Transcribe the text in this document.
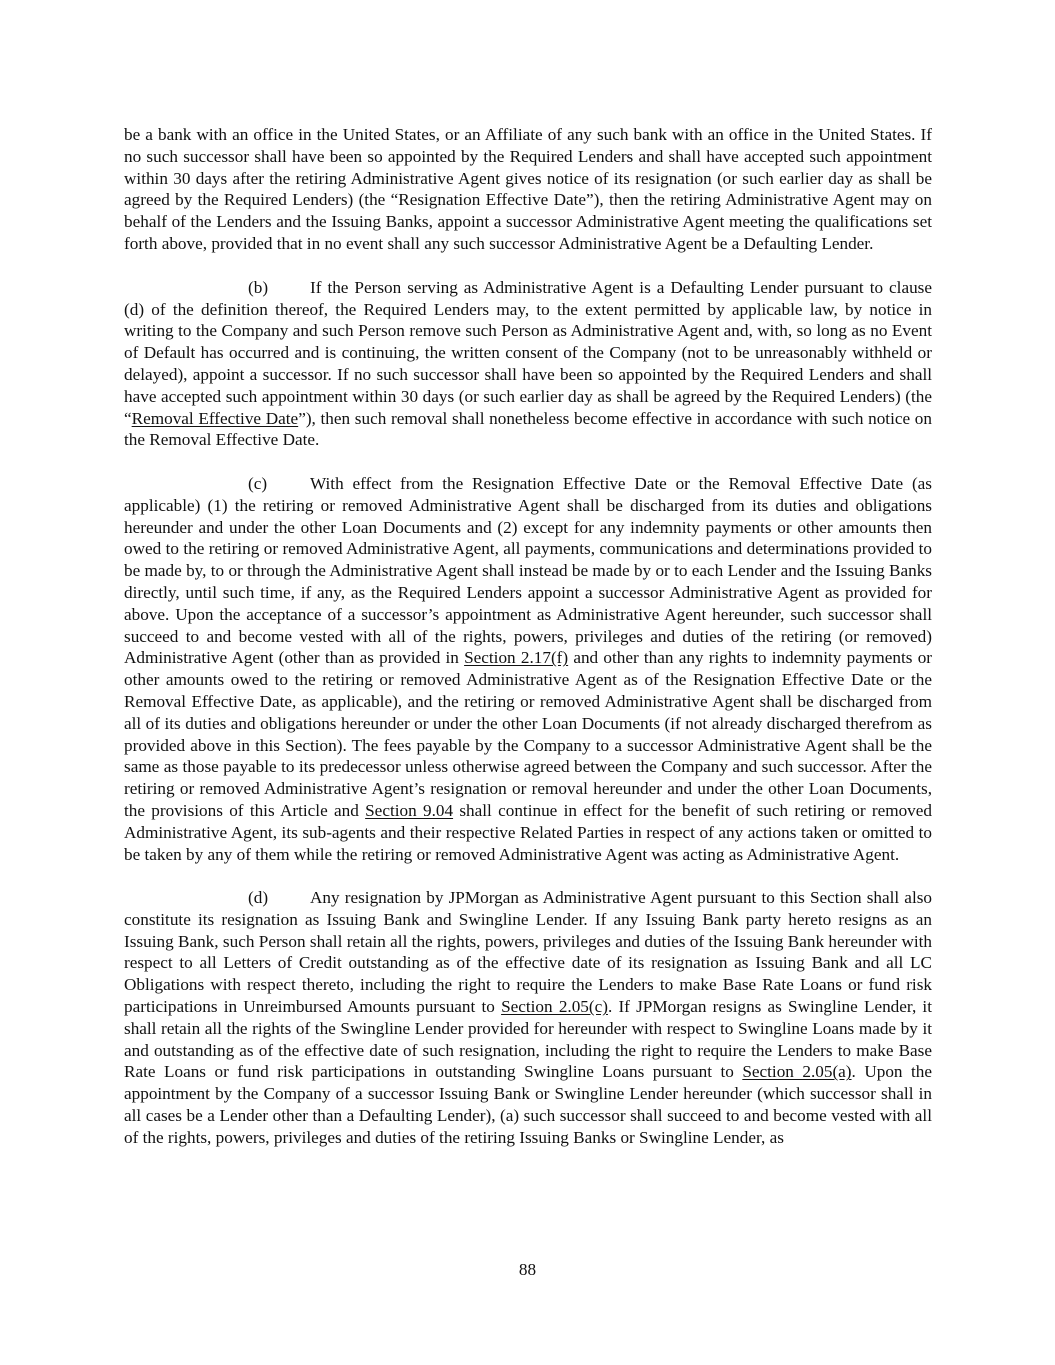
be a bank with an office in the United States, or an Affiliate of any such bank with an office in the United States. If no such successor shall have been so appointed by the Required Lenders and shall have accepted such appointment within 30 days after the retiring Administrative Agent gives notice of its resignation (or such earlier day as shall be agreed by the Required Lenders) (the “Resignation Effective Date”), then the retiring Administrative Agent may on behalf of the Lenders and the Issuing Banks, appoint a successor Administrative Agent meeting the qualifications set forth above, provided that in no event shall any such successor Administrative Agent be a Defaulting Lender.

(b) If the Person serving as Administrative Agent is a Defaulting Lender pursuant to clause (d) of the definition thereof, the Required Lenders may, to the extent permitted by applicable law, by notice in writing to the Company and such Person remove such Person as Administrative Agent and, with, so long as no Event of Default has occurred and is continuing, the written consent of the Company (not to be unreasonably withheld or delayed), appoint a successor. If no such successor shall have been so appointed by the Required Lenders and shall have accepted such appointment within 30 days (or such earlier day as shall be agreed by the Required Lenders) (the “Removal Effective Date”), then such removal shall nonetheless become effective in accordance with such notice on the Removal Effective Date.

(c) With effect from the Resignation Effective Date or the Removal Effective Date (as applicable) (1) the retiring or removed Administrative Agent shall be discharged from its duties and obligations hereunder and under the other Loan Documents and (2) except for any indemnity payments or other amounts then owed to the retiring or removed Administrative Agent, all payments, communications and determinations provided to be made by, to or through the Administrative Agent shall instead be made by or to each Lender and the Issuing Banks directly, until such time, if any, as the Required Lenders appoint a successor Administrative Agent as provided for above. Upon the acceptance of a successor’s appointment as Administrative Agent hereunder, such successor shall succeed to and become vested with all of the rights, powers, privileges and duties of the retiring (or removed) Administrative Agent (other than as provided in Section 2.17(f) and other than any rights to indemnity payments or other amounts owed to the retiring or removed Administrative Agent as of the Resignation Effective Date or the Removal Effective Date, as applicable), and the retiring or removed Administrative Agent shall be discharged from all of its duties and obligations hereunder or under the other Loan Documents (if not already discharged therefrom as provided above in this Section). The fees payable by the Company to a successor Administrative Agent shall be the same as those payable to its predecessor unless otherwise agreed between the Company and such successor. After the retiring or removed Administrative Agent’s resignation or removal hereunder and under the other Loan Documents, the provisions of this Article and Section 9.04 shall continue in effect for the benefit of such retiring or removed Administrative Agent, its sub-agents and their respective Related Parties in respect of any actions taken or omitted to be taken by any of them while the retiring or removed Administrative Agent was acting as Administrative Agent.

(d) Any resignation by JPMorgan as Administrative Agent pursuant to this Section shall also constitute its resignation as Issuing Bank and Swingline Lender. If any Issuing Bank party hereto resigns as an Issuing Bank, such Person shall retain all the rights, powers, privileges and duties of the Issuing Bank hereunder with respect to all Letters of Credit outstanding as of the effective date of its resignation as Issuing Bank and all LC Obligations with respect thereto, including the right to require the Lenders to make Base Rate Loans or fund risk participations in Unreimbursed Amounts pursuant to Section 2.05(c). If JPMorgan resigns as Swingline Lender, it shall retain all the rights of the Swingline Lender provided for hereunder with respect to Swingline Loans made by it and outstanding as of the effective date of such resignation, including the right to require the Lenders to make Base Rate Loans or fund risk participations in outstanding Swingline Loans pursuant to Section 2.05(a). Upon the appointment by the Company of a successor Issuing Bank or Swingline Lender hereunder (which successor shall in all cases be a Lender other than a Defaulting Lender), (a) such successor shall succeed to and become vested with all of the rights, powers, privileges and duties of the retiring Issuing Banks or Swingline Lender, as

88
